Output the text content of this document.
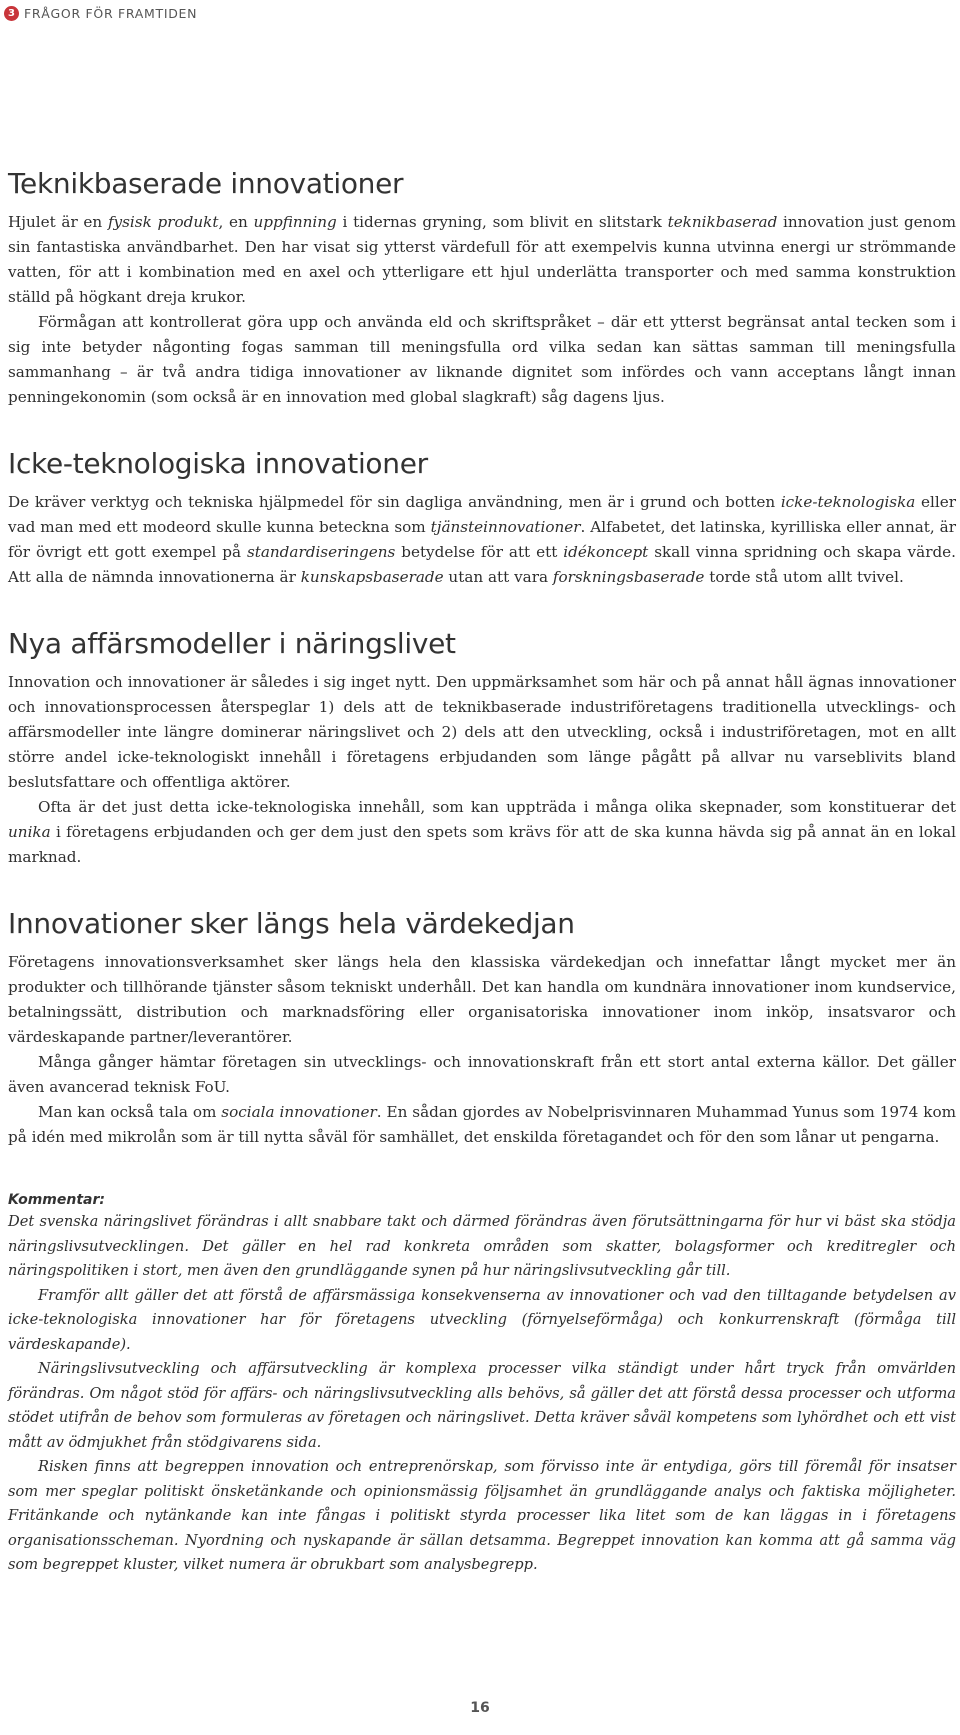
3 FRÅGOR FÖR FRAMTIDEN
Teknikbaserade innovationer

Hjulet är en fysisk produkt, en uppfinning i tidernas gryning, som blivit en slitstark teknikbaserad innovation just genom sin fantastiska användbarhet. Den har visat sig ytterst värdefull för att exempelvis kunna utvinna energi ur strömmande vatten, för att i kombination med en axel och ytterligare ett hjul underlätta transporter och med samma konstruktion ställd på högkant dreja krukor.

Förmågan att kontrollerat göra upp och använda eld och skriftspråket – där ett ytterst begränsat antal tecken som i sig inte betyder någonting fogas samman till meningsfulla ord vilka sedan kan sättas samman till meningsfulla sammanhang – är två andra tidiga innovationer av liknande dignitet som infördes och vann acceptans långt innan penningekonomin (som också är en innovation med global slagkraft) såg dagens ljus.

Icke-teknologiska innovationer

De kräver verktyg och tekniska hjälpmedel för sin dagliga användning, men är i grund och botten icke-teknologiska eller vad man med ett modeord skulle kunna beteckna som tjänsteinnovationer. Alfabetet, det latinska, kyrilliska eller annat, är för övrigt ett gott exempel på standardiseringens betydelse för att ett idékoncept skall vinna spridning och skapa värde. Att alla de nämnda innovationerna är kunskapsbaserade utan att vara forskningsbaserade torde stå utom allt tvivel.

Nya affärsmodeller i näringslivet

Innovation och innovationer är således i sig inget nytt. Den uppmärksamhet som här och på annat håll ägnas innovationer och innovationsprocessen återspeglar 1) dels att de teknikbaserade industriföretagens traditionella utvecklings- och affärsmodeller inte längre dominerar näringslivet och 2) dels att den utveckling, också i industriföretagen, mot en allt större andel icke-teknologiskt innehåll i företagens erbjudanden som länge pågått på allvar nu varseblivits bland beslutsfattare och offentliga aktörer.

Ofta är det just detta icke-teknologiska innehåll, som kan uppträda i många olika skepnader, som konstituerar det unika i företagens erbjudanden och ger dem just den spets som krävs för att de ska kunna hävda sig på annat än en lokal marknad.

Innovationer sker längs hela värdekedjan

Företagens innovationsverksamhet sker längs hela den klassiska värdekedjan och innefattar långt mycket mer än produkter och tillhörande tjänster såsom tekniskt underhåll. Det kan handla om kundnära innovationer inom kundservice, betalningssätt, distribution och marknadsföring eller organisatoriska innovationer inom inköp, insatsvaror och värdeskapande partner/leverantörer.

Många gånger hämtar företagen sin utvecklings- och innovationskraft från ett stort antal externa källor. Det gäller även avancerad teknisk FoU.

Man kan också tala om sociala innovationer. En sådan gjordes av Nobelprisvinnaren Muhammad Yunus som 1974 kom på idén med mikrolån som är till nytta såväl för samhället, det enskilda företagandet och för den som lånar ut pengarna.

Kommentar:

Det svenska näringslivet förändras i allt snabbare takt och därmed förändras även förutsättningarna för hur vi bäst ska stödja näringslivsutvecklingen. Det gäller en hel rad konkreta områden som skatter, bolagsformer och kreditregler och näringspolitiken i stort, men även den grundläggande synen på hur näringslivsutveckling går till.

Framför allt gäller det att förstå de affärsmässiga konsekvenserna av innovationer och vad den tilltagande betydelsen av icke-teknologiska innovationer har för företagens utveckling (förnyelseförmåga) och konkurrenskraft (förmåga till värdeskapande).

Näringslivsutveckling och affärsutveckling är komplexa processer vilka ständigt under hårt tryck från omvärlden förändras. Om något stöd för affärs- och näringslivsutveckling alls behövs, så gäller det att förstå dessa processer och utforma stödet utifrån de behov som formuleras av företagen och näringslivet. Detta kräver såväl kompetens som lyhördhet och ett vist mått av ödmjukhet från stödgivarens sida.

Risken finns att begreppen innovation och entreprenörskap, som förvisso inte är entydiga, görs till föremål för insatser som mer speglar politiskt önsketänkande och opinionsmässig följsamhet än grundläggande analys och faktiska möjligheter. Fritänkande och nytänkande kan inte fångas i politiskt styrda processer lika litet som de kan läggas in i företagens organisationsscheman. Nyordning och nyskapande är sällan detsamma. Begreppet innovation kan komma att gå samma väg som begreppet kluster, vilket numera är obrukbart som analysbegrepp.

16
